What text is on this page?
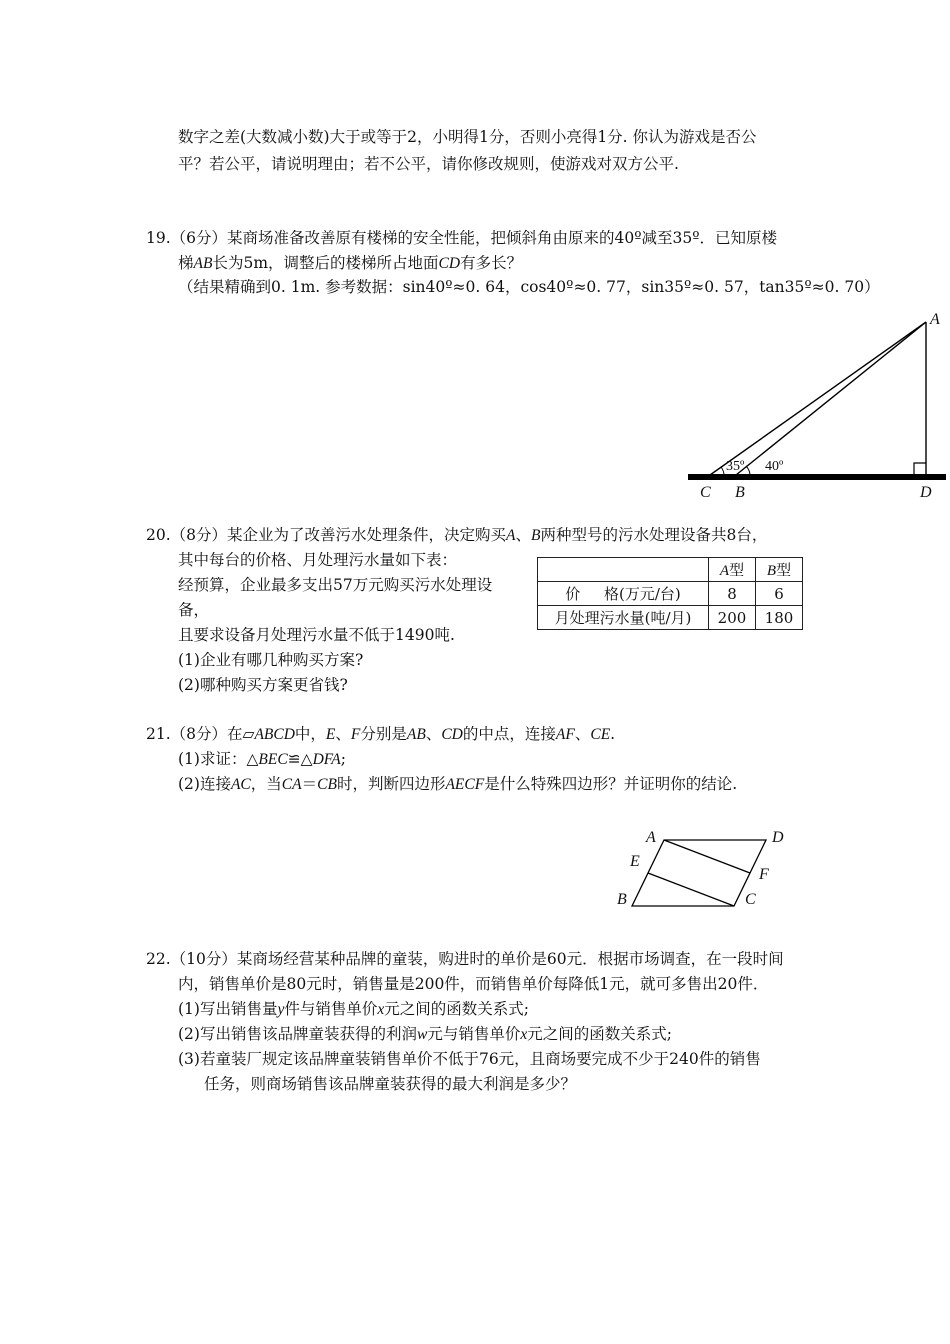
数字之差(大数减小数)大于或等于2，小明得1分，否则小亮得1分. 你认为游戏是否公
平？若公平，请说明理由；若不公平，请你修改规则，使游戏对双方公平.
19.（6分）某商场准备改善原有楼梯的安全性能，把倾斜角由原来的40º减至35º．已知原楼
梯AB长为5m，调整后的楼梯所占地面CD有多长？
（结果精确到0. 1m. 参考数据：sin40º≈0. 64，cos40º≈0. 77，sin35º≈0. 57，tan35º≈0. 70）
A
C B	D
35º 40º
20.（8分）某企业为了改善污水处理条件，决定购买A、B两种型号的污水处理设备共8台，
其中每台的价格、月处理污水量如下表：
经预算，企业最多支出57万元购买污水处理设
备，
且要求设备月处理污水量不低于1490吨.
(1)企业有哪几种购买方案?
(2)哪种购买方案更省钱?
	A型	B型
价     格(万元/台)	8	6
月处理污水量(吨/月)	200	180
21.（8分）在▱ABCD中，E、F分别是AB、CD的中点，连接AF、CE.
(1)求证：△BEC≌△DFA;
(2)连接AC，当CA＝CB时，判断四边形AECF是什么特殊四边形？并证明你的结论.
A	D
E
F
B	C
22.（10分）某商场经营某种品牌的童装，购进时的单价是60元．根据市场调查，在一段时间
内，销售单价是80元时，销售量是200件，而销售单价每降低1元，就可多售出20件．
(1)写出销售量y件与销售单价x元之间的函数关系式;
(2)写出销售该品牌童装获得的利润w元与销售单价x元之间的函数关系式;
(3)若童装厂规定该品牌童装销售单价不低于76元，且商场要完成不少于240件的销售
任务，则商场销售该品牌童装获得的最大利润是多少？
